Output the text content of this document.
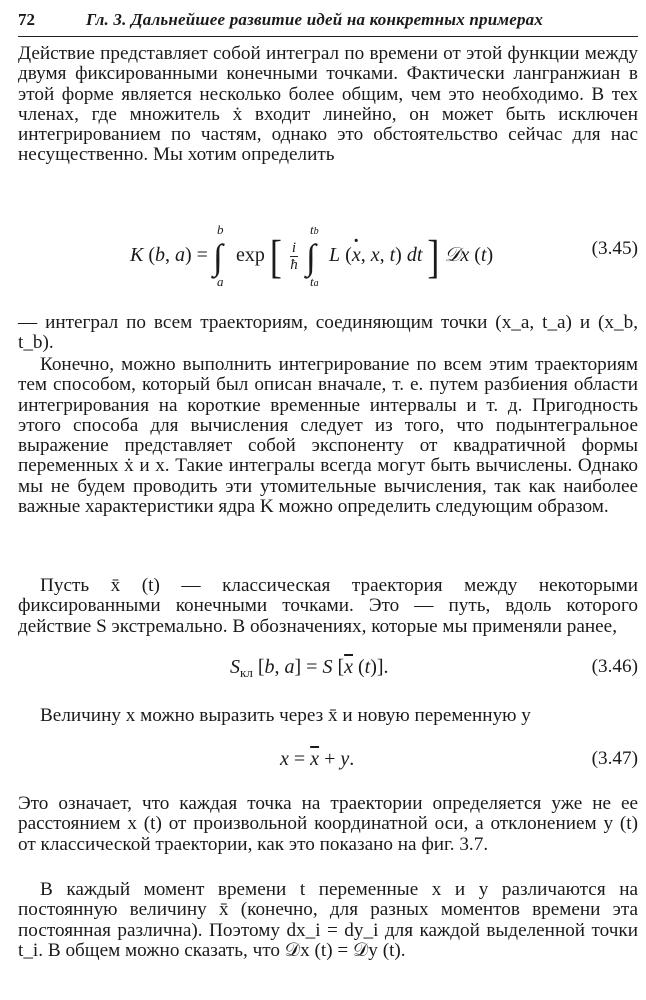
72	Гл. 3. Дальнейшее развитие идей на конкретных примерах
Действие представляет собой интеграл по времени от этой функции между двумя фиксированными конечными точками. Фактически лангранжиан в этой форме является несколько более общим, чем это необходимо. В тех членах, где множитель ẋ входит линейно, он может быть исключен интегрированием по частям, однако это обстоятельство сейчас для нас несущественно. Мы хотим определить
K (b, a) = ∫
b
a
exp [ $\frac{i}{ħ}$ ∫
tb
ta
L (· x, x, t) dt ] 𝒟x (t)	(3.45)
— интеграл по всем траекториям, соединяющим точки (x_a, t_a) и (x_b, t_b).
Конечно, можно выполнить интегрирование по всем этим траекториям тем способом, который был описан вначале, т. е. путем разбиения области интегрирования на короткие временные интервалы и т. д. Пригодность этого способа для вычисления следует из того, что подынтегральное выражение представляет собой экспоненту от квадратичной формы переменных ẋ и x. Такие интегралы всегда могут быть вычислены. Однако мы не будем проводить эти утомительные вычисления, так как наиболее важные характеристики ядра K можно определить следующим образом.
Пусть x̄ (t) — классическая траектория между некоторыми фиксированными конечными точками. Это — путь, вдоль которого действие S экстремально. В обозначениях, которые мы применяли ранее,
$S_{кл}$ [b, a] = S [$\overline{x}$ (t)].	(3.46)
Величину x можно выразить через x̄ и новую переменную y
$x = \overline{x} + y$.	(3.47)
Это означает, что каждая точка на траектории определяется уже не ее расстоянием x (t) от произвольной координатной оси, а отклонением y (t) от классической траектории, как это показано на фиг. 3.7.
В каждый момент времени t переменные x и y различаются на постоянную величину x̄ (конечно, для разных моментов времени эта постоянная различна). Поэтому dx_i = dy_i для каждой выделенной точки t_i. В общем можно сказать, что 𝒟x (t) = 𝒟y (t).
